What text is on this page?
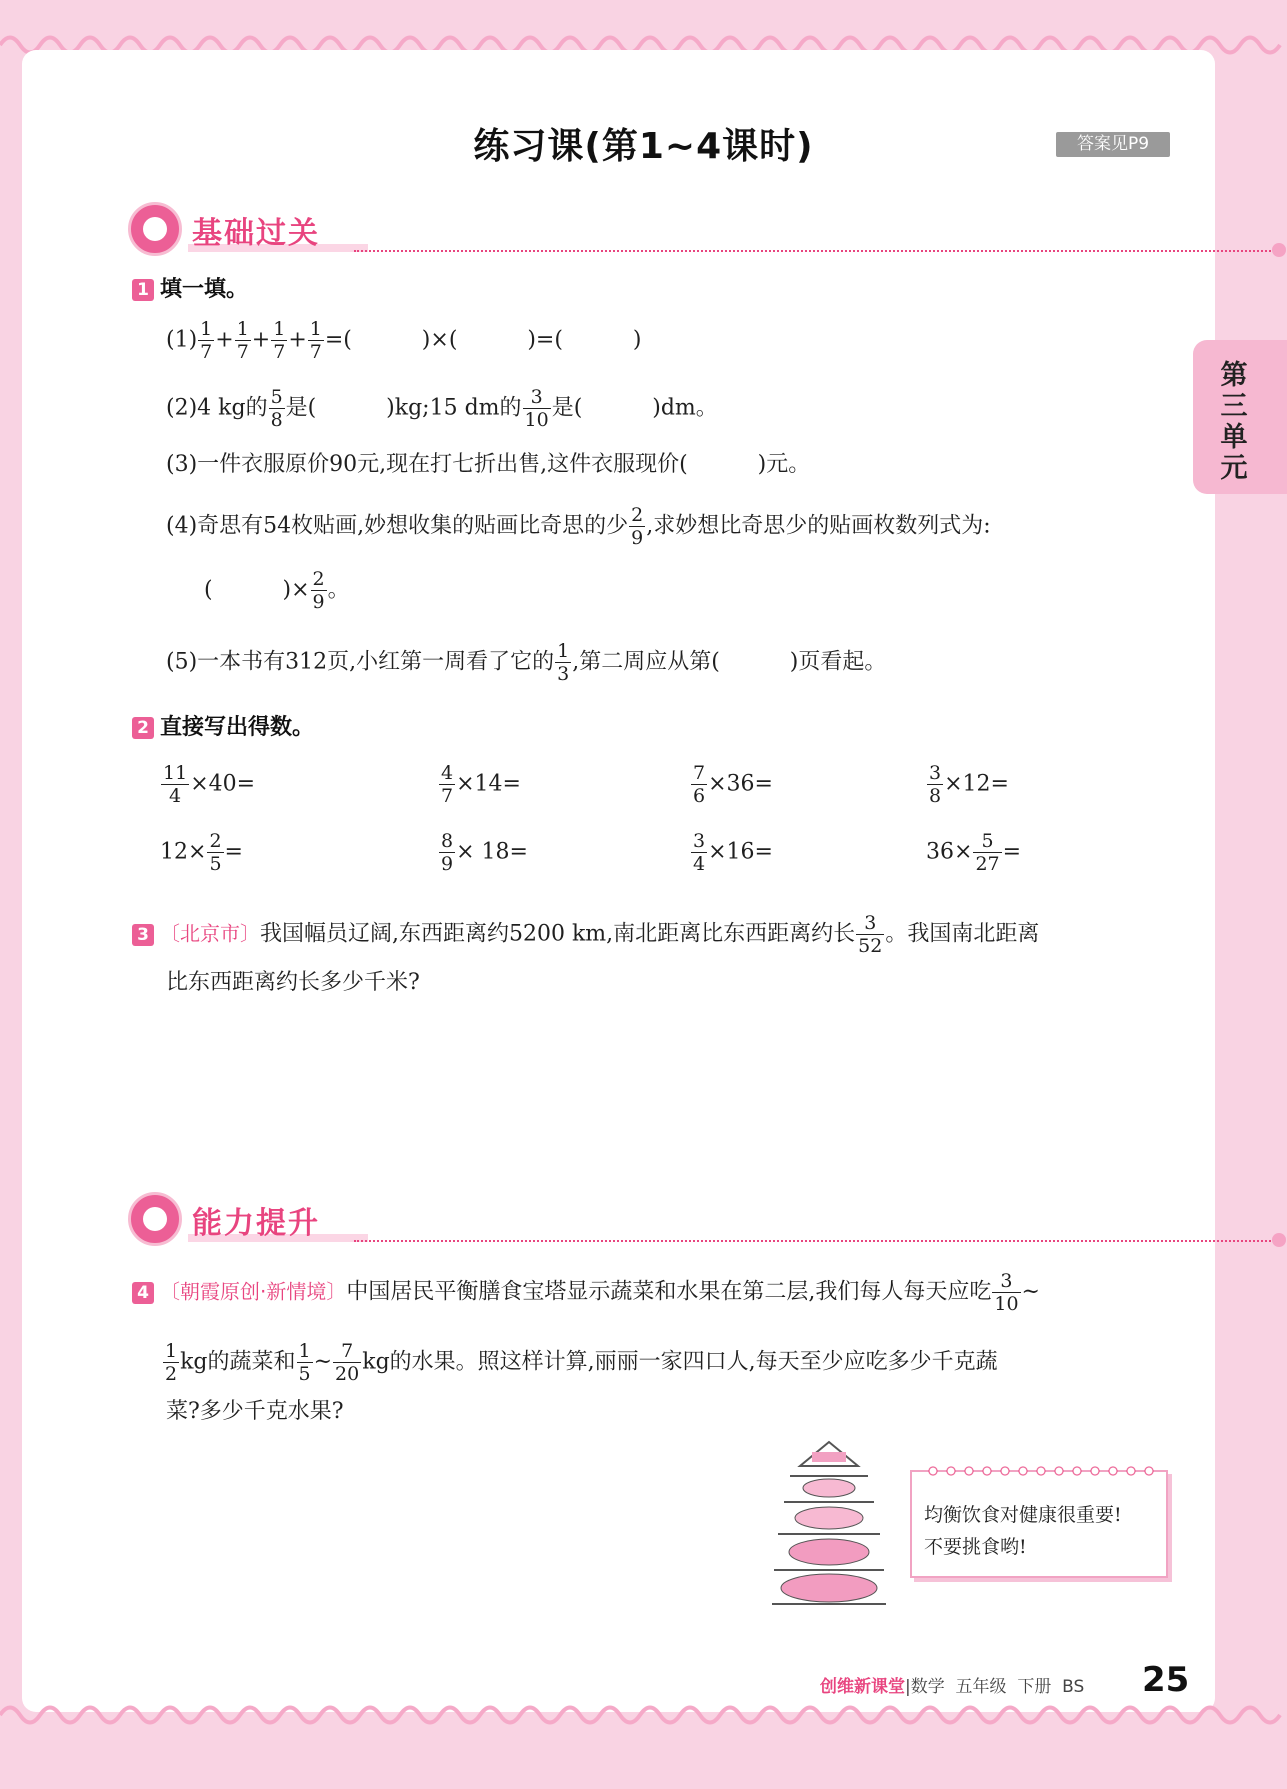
第三单元
练习课(第1~4课时)	答案见P9
基础过关
1 填一填。
$(1) \frac{1}{7} + \frac{1}{7} + \frac{1}{7} + \frac{1}{7}$ =(          )×(          )=(          )
(2)4 kg的 $\frac{5}{8}$ 是(          )kg;15 dm的 $\frac{3}{10}$ 是(          )dm。
(3)一件衣服原价90元,现在打七折出售,这件衣服现价(          )元。
(4)奇思有54枚贴画,妙想收集的贴画比奇思的少 $\frac{2}{9}$ ,求妙想比奇思少的贴画枚数列式为:
(          )× $\frac{2}{9}$ 。
(5)一本书有312页,小红第一周看了它的 $\frac{1}{3}$ ,第二周应从第(          )页看起。
2 直接写出得数。
$\frac{11}{4} \times 40=$	$\frac{4}{7} \times 14=$	$\frac{7}{6} \times 36=$	$\frac{3}{8} \times 12=$
$12\times \frac{2}{5}$ =	$\frac{8}{9} \times 18=$	$\frac{3}{4} \times 16=$	$36\times \frac{5}{27}$ =
3 〔北京市〕我国幅员辽阔,东西距离约5200 km,南北距离比东西距离约长 $\frac{3}{52}$ 。我国南北距离
比东西距离约长多少千米?
能力提升
4 〔朝霞原创·新情境〕中国居民平衡膳食宝塔显示蔬菜和水果在第二层,我们每人每天应吃 $\frac{3}{10}$ ~
$\frac{1}{2}$ kg的蔬菜和 $\frac{1}{5}$ ~ $\frac{7}{20}$ kg的水果。照这样计算,丽丽一家四口人,每天至少应吃多少千克蔬
菜?多少千克水果?

均衡饮食对健康很重要!

不要挑食哟!

创维新课堂|数学  五年级  下册  BS 25
